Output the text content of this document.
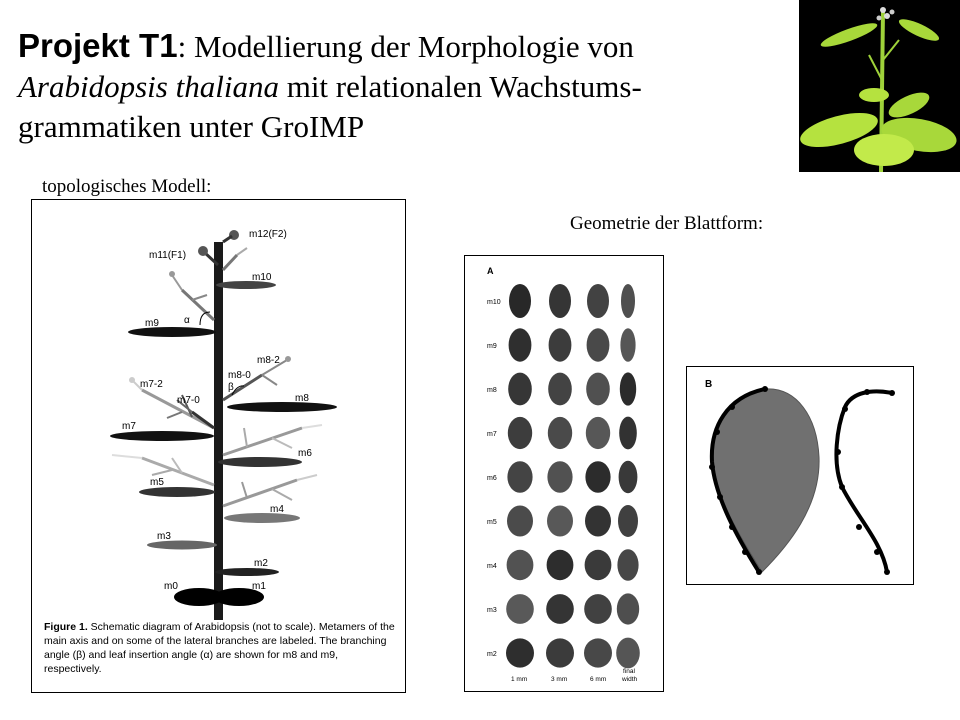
Projekt T1: Modellierung der Morphologie von
Arabidopsis thaliana mit relationalen Wachstums-
grammatiken unter GroIMP
topologisches Modell:
Geometrie der Blattform:
m12(F2)
m11(F1)
m10
m9	α
m8-2
m8-0
β
m8
m7-2
m7-0
m7
m6
m5
m4
m3
m2
m0	m1
Figure 1. Schematic diagram of Arabidopsis (not to scale). Metamers of the main axis and on some of the lateral branches are labeled. The branching angle (β) and leaf insertion angle (α) are shown for m8 and m9, respectively.
A
m10
m9
m8
m7
m6
m5
m4
m3
m2
1 mm	3 mm	6 mm
final
width
B
